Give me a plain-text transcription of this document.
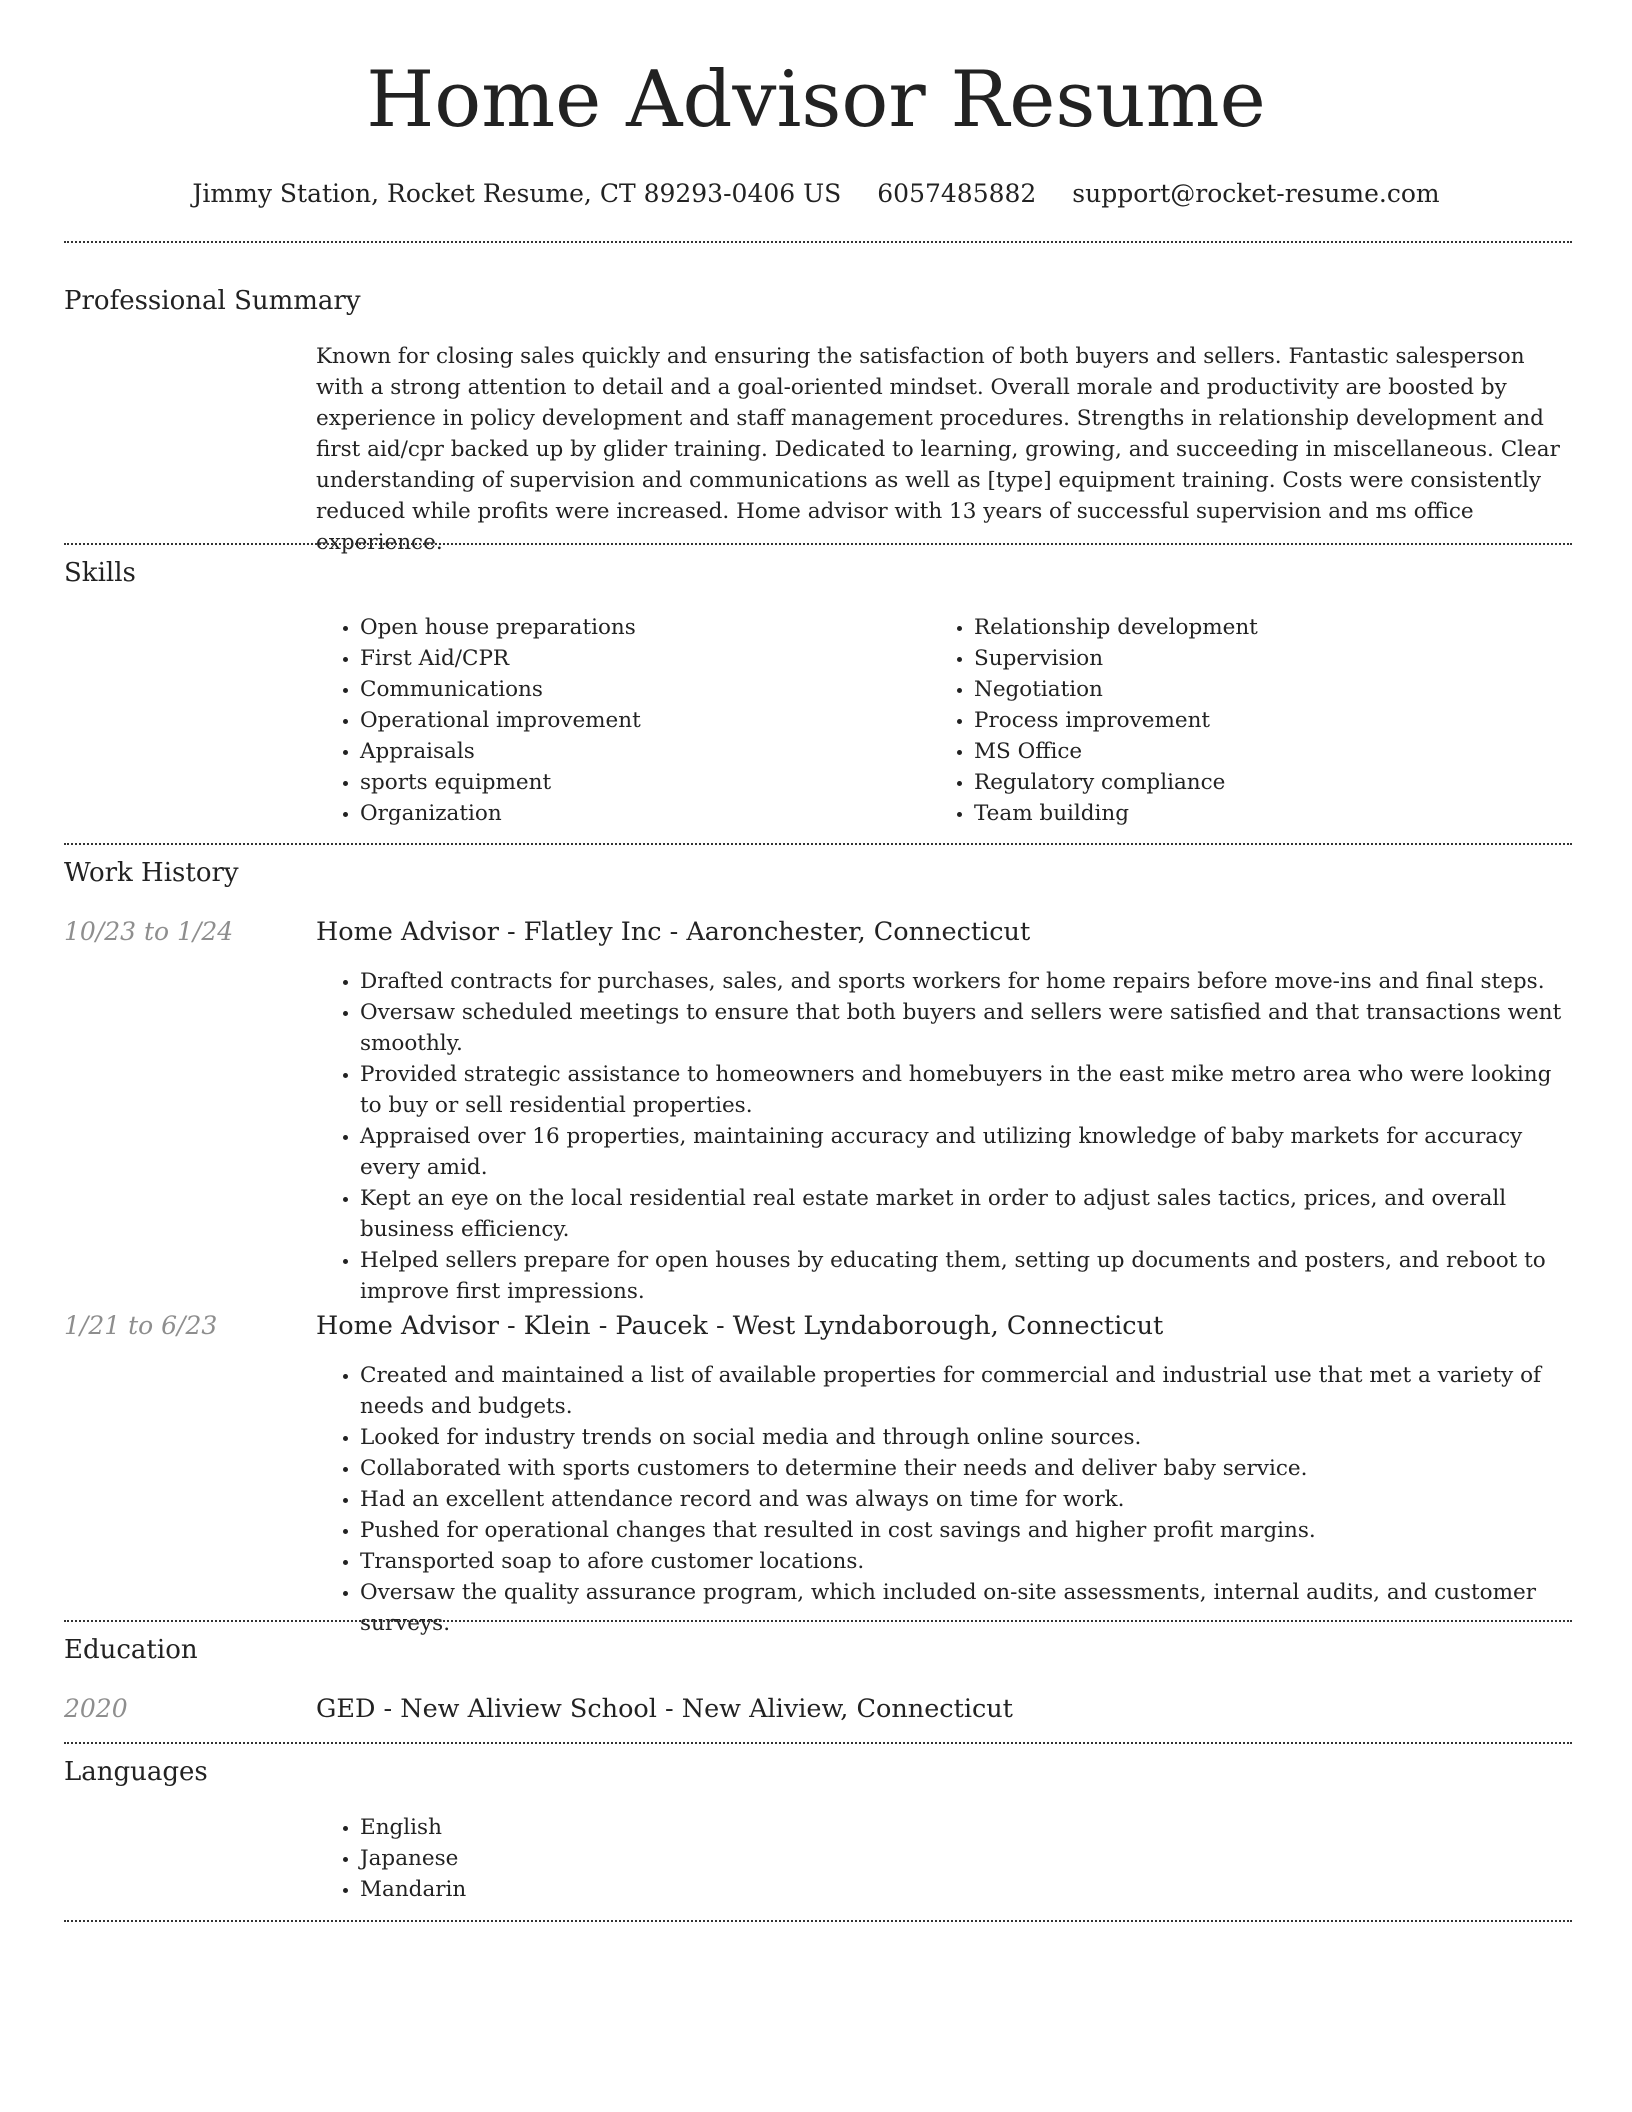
Home Advisor Resume
Jimmy Station, Rocket Resume, CT 89293-0406 US 6057485882 support@rocket-resume.com
Professional Summary

Known for closing sales quickly and ensuring the satisfaction of both buyers and sellers. Fantastic salesperson with a strong attention to detail and a goal-oriented mindset. Overall morale and productivity are boosted by experience in policy development and staff management procedures. Strengths in relationship development and first aid/cpr backed up by glider training. Dedicated to learning, growing, and succeeding in miscellaneous. Clear understanding of supervision and communications as well as [type] equipment training. Costs were consistently reduced while profits were increased. Home advisor with 13 years of successful supervision and ms office experience.

Skills
• Open house preparations
• First Aid/CPR
• Communications
• Operational improvement
• Appraisals
• sports equipment
• Organization
• Relationship development
• Supervision
• Negotiation
• Process improvement
• MS Office
• Regulatory compliance
• Team building
Work History
10/23 to 1/24	Home Advisor - Flatley Inc - Aaronchester, Connecticut
• Drafted contracts for purchases, sales, and sports workers for home repairs before move-ins and final steps.
• Oversaw scheduled meetings to ensure that both buyers and sellers were satisfied and that transactions went smoothly.
• Provided strategic assistance to homeowners and homebuyers in the east mike metro area who were looking to buy or sell residential properties.
• Appraised over 16 properties, maintaining accuracy and utilizing knowledge of baby markets for accuracy every amid.
• Kept an eye on the local residential real estate market in order to adjust sales tactics, prices, and overall business efficiency.
• Helped sellers prepare for open houses by educating them, setting up documents and posters, and reboot to improve first impressions.
1/21 to 6/23	Home Advisor - Klein - Paucek - West Lyndaborough, Connecticut
• Created and maintained a list of available properties for commercial and industrial use that met a variety of needs and budgets.
• Looked for industry trends on social media and through online sources.
• Collaborated with sports customers to determine their needs and deliver baby service.
• Had an excellent attendance record and was always on time for work.
• Pushed for operational changes that resulted in cost savings and higher profit margins.
• Transported soap to afore customer locations.
• Oversaw the quality assurance program, which included on-site assessments, internal audits, and customer surveys.
Education
2020	GED - New Aliview School - New Aliview, Connecticut
Languages
• English
• Japanese
• Mandarin
